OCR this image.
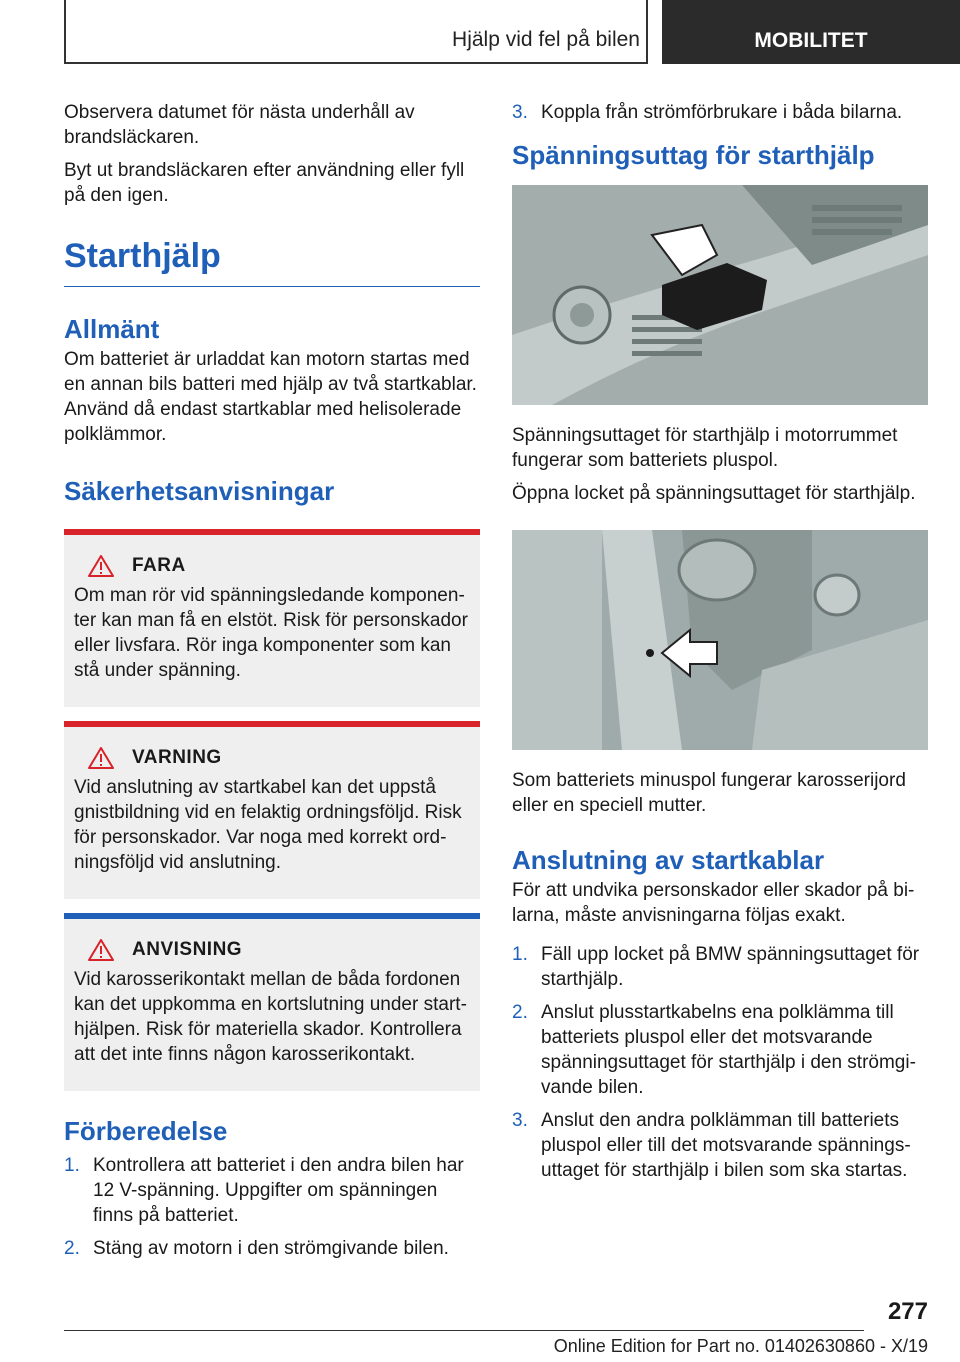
Hjälp vid fel på bilen	MOBILITET

Observera datumet för nästa underhåll av brandsläckaren.

Byt ut brandsläckaren efter användning eller fyll på den igen.

Starthjälp
Allmänt

Om batteriet är urladdat kan motorn startas med en annan bils batteri med hjälp av två startkablar. Använd då endast startkablar med helisolerade polklämmor.

Säkerhetsanvisningar
FARA

Om man rör vid spänningsledande komponenter kan man få en elstöt. Risk för personskador eller livsfara. Rör inga komponenter som kan stå under spänning.

VARNING

Vid anslutning av startkabel kan det uppstå gnistbildning vid en felaktig ordningsföljd. Risk för personskador. Var noga med korrekt ordningsföljd vid anslutning.

ANVISNING

Vid karosserikontakt mellan de båda fordonen kan det uppkomma en kortslutning under starthjälpen. Risk för materiella skador. Kontrollera att det inte finns någon karosserikontakt.

Förberedelse
1. Kontrollera att batteriet i den andra bilen har 12 V-spänning. Uppgifter om spänningen finns på batteriet.
2. Stäng av motorn i den strömgivande bilen.
3. Koppla från strömförbrukare i båda bilarna.
Spänningsuttag för starthjälp

Spänningsuttaget för starthjälp i motorrummet fungerar som batteriets pluspol.

Öppna locket på spänningsuttaget för starthjälp.

Som batteriets minuspol fungerar karosserijord eller en speciell mutter.

Anslutning av startkablar

För att undvika personskador eller skador på bilarna, måste anvisningarna följas exakt.

1. Fäll upp locket på BMW spänningsuttaget för starthjälp.
2. Anslut plusstartkabelns ena polklämma till batteriets pluspol eller det motsvarande spänningsuttaget för starthjälp i den strömgivande bilen.
3. Anslut den andra polklämman till batteriets pluspol eller till det motsvarande spänningsuttaget för starthjälp i bilen som ska startas.
277
Online Edition for Part no. 01402630860 - X/19
